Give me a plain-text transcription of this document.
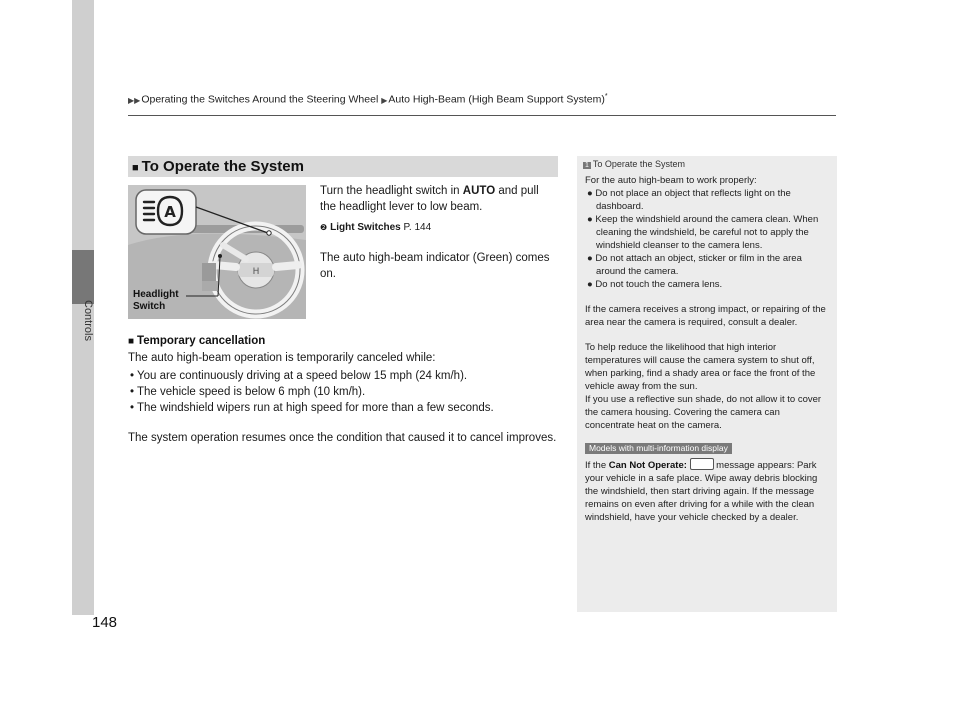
Controls
▶▶Operating the Switches Around the Steering Wheel ▶Auto High-Beam (High Beam Support System)*
■ To Operate the System
H
A
Headlight
Switch
Turn the headlight switch in AUTO and pull the headlight lever to low beam.
❷ Light Switches P. 144
The auto high-beam indicator (Green) comes on.
■ Temporary cancellation
The auto high-beam operation is temporarily canceled while:
• You are continuously driving at a speed below 15 mph (24 km/h).
• The vehicle speed is below 6 mph (10 km/h).
• The windshield wipers run at high speed for more than a few seconds.
The system operation resumes once the condition that caused it to cancel improves.
1 To Operate the System
For the auto high-beam to work properly:
● Do not place an object that reflects light on the dashboard.
● Keep the windshield around the camera clean. When cleaning the windshield, be careful not to apply the windshield cleanser to the camera lens.
● Do not attach an object, sticker or film in the area around the camera.
● Do not touch the camera lens.
If the camera receives a strong impact, or repairing of the area near the camera is required, consult a dealer.
To help reduce the likelihood that high interior temperatures will cause the camera system to shut off, when parking, find a shady area or face the front of the vehicle away from the sun.
If you use a reflective sun shade, do not allow it to cover the camera housing. Covering the camera can concentrate heat on the camera.
Models with multi-information display
If the Can Not Operate:	message appears: Park your vehicle in a safe place. Wipe away debris blocking the windshield, then start driving again. If the message remains on even after driving for a while with the clean windshield, have your vehicle checked by a dealer.
148
